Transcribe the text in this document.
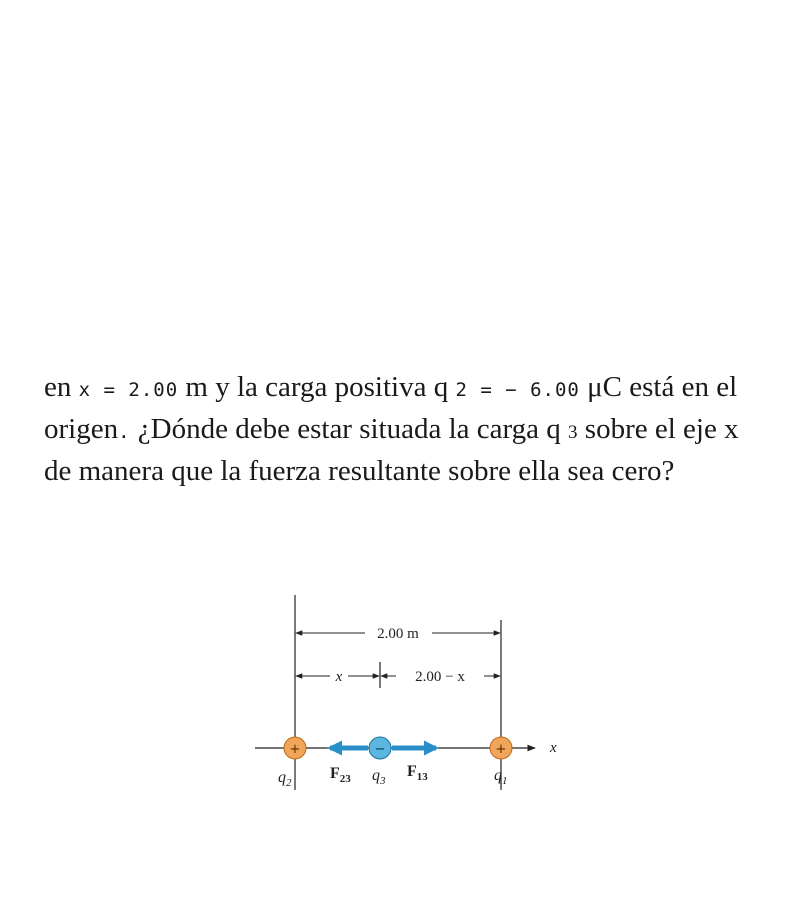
en x = 2.00 m y la carga positiva q 2 = − 6.00 μC está en el
origen. ¿Dónde debe estar situada la carga q 3 sobre el eje x
de manera que la fuerza resultante sobre ella sea cero?
2.00 m
x	2.00 − x
x
+	−	+
$q_2$	$q_3$	$q_1$
$F_{23}$	$F_{13}$
